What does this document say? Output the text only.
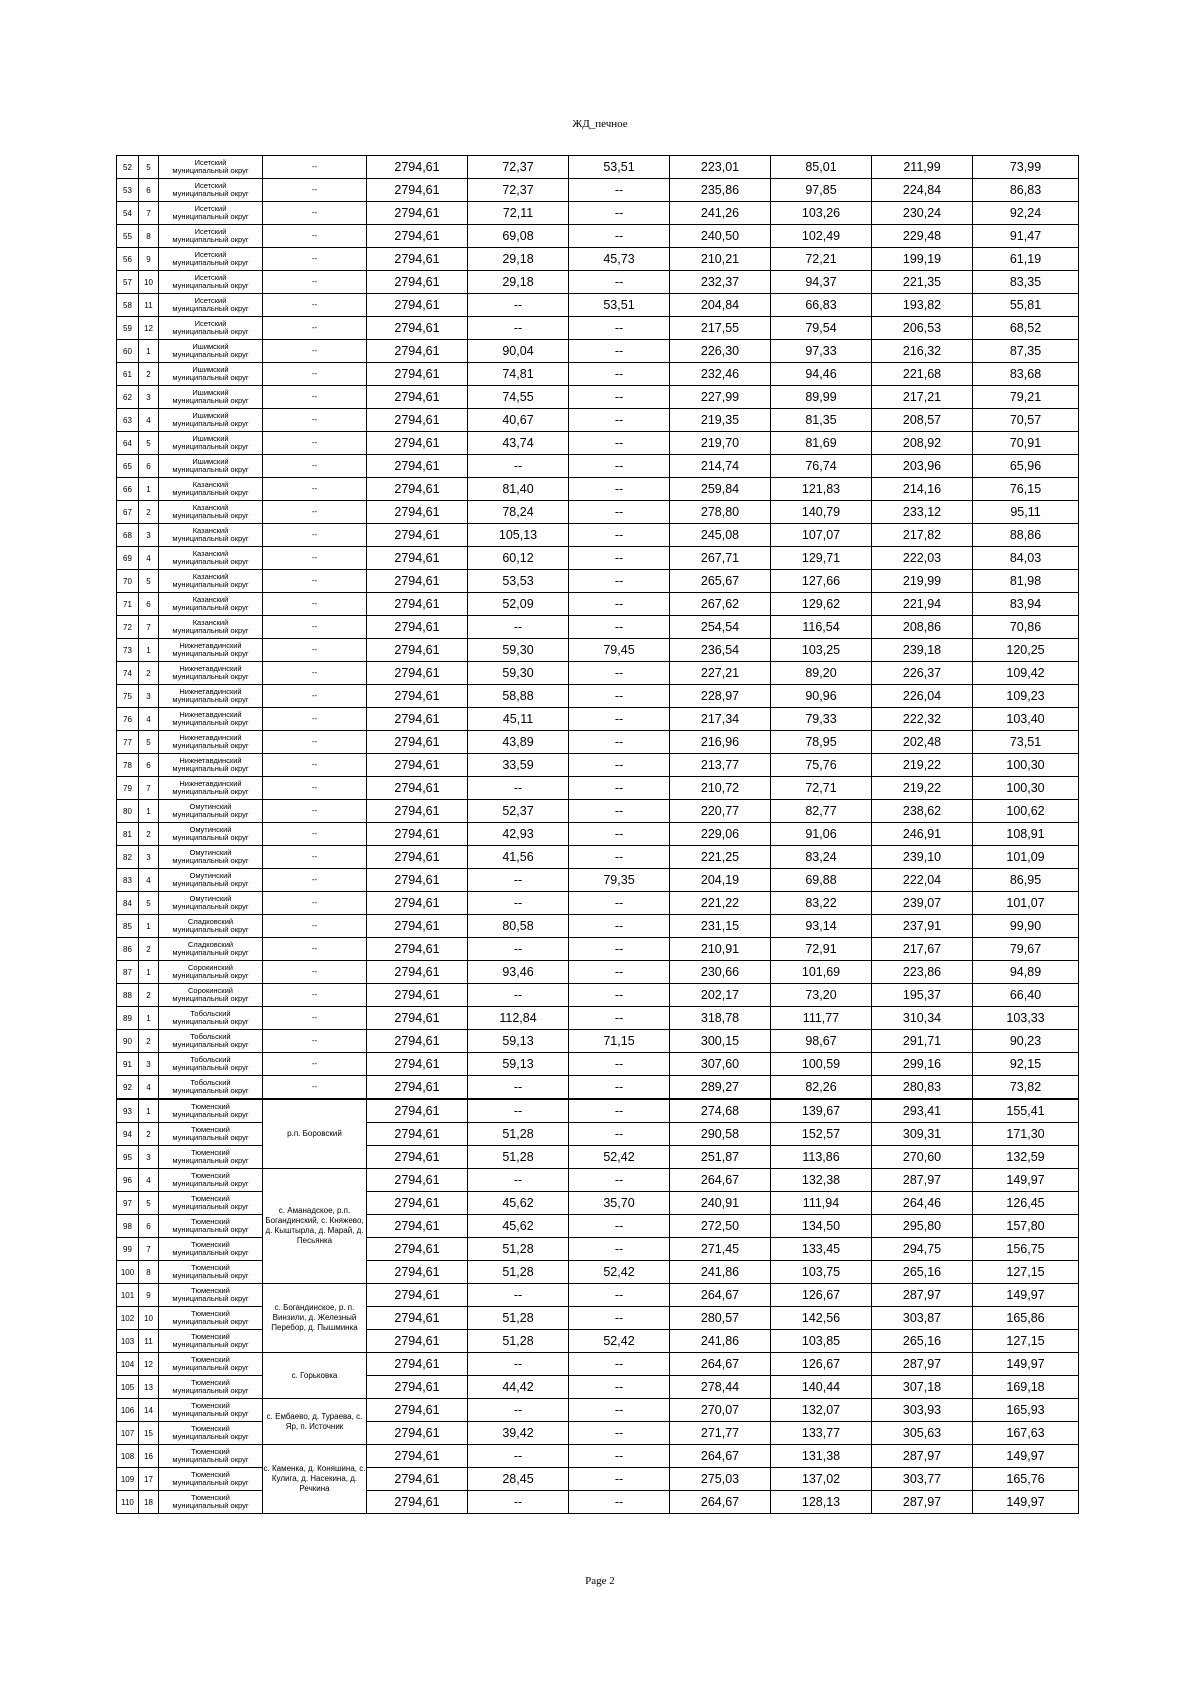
ЖД_печное
52	5	Исетский
муниципальный округ	--	2794,61	72,37	53,51	223,01	85,01	211,99	73,99
53	6	Исетский
муниципальный округ	--	2794,61	72,37	--	235,86	97,85	224,84	86,83
54	7	Исетский
муниципальный округ	--	2794,61	72,11	--	241,26	103,26	230,24	92,24
55	8	Исетский
муниципальный округ	--	2794,61	69,08	--	240,50	102,49	229,48	91,47
56	9	Исетский
муниципальный округ	--	2794,61	29,18	45,73	210,21	72,21	199,19	61,19
57	10	Исетский
муниципальный округ	--	2794,61	29,18	--	232,37	94,37	221,35	83,35
58	11	Исетский
муниципальный округ	--	2794,61	--	53,51	204,84	66,83	193,82	55,81
59	12	Исетский
муниципальный округ	--	2794,61	--	--	217,55	79,54	206,53	68,52
60	1	Ишимский
муниципальный округ	--	2794,61	90,04	--	226,30	97,33	216,32	87,35
61	2	Ишимский
муниципальный округ	--	2794,61	74,81	--	232,46	94,46	221,68	83,68
62	3	Ишимский
муниципальный округ	--	2794,61	74,55	--	227,99	89,99	217,21	79,21
63	4	Ишимский
муниципальный округ	--	2794,61	40,67	--	219,35	81,35	208,57	70,57
64	5	Ишимский
муниципальный округ	--	2794,61	43,74	--	219,70	81,69	208,92	70,91
65	6	Ишимский
муниципальный округ	--	2794,61	--	--	214,74	76,74	203,96	65,96
66	1	Казанский
муниципальный округ	--	2794,61	81,40	--	259,84	121,83	214,16	76,15
67	2	Казанский
муниципальный округ	--	2794,61	78,24	--	278,80	140,79	233,12	95,11
68	3	Казанский
муниципальный округ	--	2794,61	105,13	--	245,08	107,07	217,82	88,86
69	4	Казанский
муниципальный округ	--	2794,61	60,12	--	267,71	129,71	222,03	84,03
70	5	Казанский
муниципальный округ	--	2794,61	53,53	--	265,67	127,66	219,99	81,98
71	6	Казанский
муниципальный округ	--	2794,61	52,09	--	267,62	129,62	221,94	83,94
72	7	Казанский
муниципальный округ	--	2794,61	--	--	254,54	116,54	208,86	70,86
73	1	Нижнетавдинский
муниципальный округ	--	2794,61	59,30	79,45	236,54	103,25	239,18	120,25
74	2	Нижнетавдинский
муниципальный округ	--	2794,61	59,30	--	227,21	89,20	226,37	109,42
75	3	Нижнетавдинский
муниципальный округ	--	2794,61	58,88	--	228,97	90,96	226,04	109,23
76	4	Нижнетавдинский
муниципальный округ	--	2794,61	45,11	--	217,34	79,33	222,32	103,40
77	5	Нижнетавдинский
муниципальный округ	--	2794,61	43,89	--	216,96	78,95	202,48	73,51
78	6	Нижнетавдинский
муниципальный округ	--	2794,61	33,59	--	213,77	75,76	219,22	100,30
79	7	Нижнетавдинский
муниципальный округ	--	2794,61	--	--	210,72	72,71	219,22	100,30
80	1	Омутинский
муниципальный округ	--	2794,61	52,37	--	220,77	82,77	238,62	100,62
81	2	Омутинский
муниципальный округ	--	2794,61	42,93	--	229,06	91,06	246,91	108,91
82	3	Омутинский
муниципальный округ	--	2794,61	41,56	--	221,25	83,24	239,10	101,09
83	4	Омутинский
муниципальный округ	--	2794,61	--	79,35	204,19	69,88	222,04	86,95
84	5	Омутинский
муниципальный округ	--	2794,61	--	--	221,22	83,22	239,07	101,07
85	1	Сладковский
муниципальный округ	--	2794,61	80,58	--	231,15	93,14	237,91	99,90
86	2	Сладковский
муниципальный округ	--	2794,61	--	--	210,91	72,91	217,67	79,67
87	1	Сорокинский
муниципальный округ	--	2794,61	93,46	--	230,66	101,69	223,86	94,89
88	2	Сорокинский
муниципальный округ	--	2794,61	--	--	202,17	73,20	195,37	66,40
89	1	Тобольский
муниципальный округ	--	2794,61	112,84	--	318,78	111,77	310,34	103,33
90	2	Тобольский
муниципальный округ	--	2794,61	59,13	71,15	300,15	98,67	291,71	90,23
91	3	Тобольский
муниципальный округ	--	2794,61	59,13	--	307,60	100,59	299,16	92,15
92	4	Тобольский
муниципальный округ	--	2794,61	--	--	289,27	82,26	280,83	73,82
93	1	Тюменский
муниципальный округ	р.п. Боровский	2794,61	--	--	274,68	139,67	293,41	155,41
94	2	Тюменский
муниципальный округ		2794,61	51,28	--	290,58	152,57	309,31	171,30
95	3	Тюменский
муниципальный округ		2794,61	51,28	52,42	251,87	113,86	270,60	132,59
96	4	Тюменский
муниципальный округ	с. Аманадское, р.п. Богандинский, с. Княжево, д. Кыштырла, д. Марай, д. Песьянка	2794,61	--	--	264,67	132,38	287,97	149,97
97	5	Тюменский
муниципальный округ		2794,61	45,62	35,70	240,91	111,94	264,46	126,45
98	6	Тюменский
муниципальный округ		2794,61	45,62	--	272,50	134,50	295,80	157,80
99	7	Тюменский
муниципальный округ		2794,61	51,28	--	271,45	133,45	294,75	156,75
100	8	Тюменский
муниципальный округ		2794,61	51,28	52,42	241,86	103,75	265,16	127,15
101	9	Тюменский
муниципальный округ	с. Богандинское, р. п. Винзили, д. Железный Перебор, д. Пышминка	2794,61	--	--	264,67	126,67	287,97	149,97
102	10	Тюменский
муниципальный округ		2794,61	51,28	--	280,57	142,56	303,87	165,86
103	11	Тюменский
муниципальный округ		2794,61	51,28	52,42	241,86	103,85	265,16	127,15
104	12	Тюменский
муниципальный округ	с. Горьковка	2794,61	--	--	264,67	126,67	287,97	149,97
105	13	Тюменский
муниципальный округ		2794,61	44,42	--	278,44	140,44	307,18	169,18
106	14	Тюменский
муниципальный округ	с. Ембаево, д. Тураева, с. Яр, п. Источник	2794,61	--	--	270,07	132,07	303,93	165,93
107	15	Тюменский
муниципальный округ		2794,61	39,42	--	271,77	133,77	305,63	167,63
108	16	Тюменский
муниципальный округ	с. Каменка, д. Коняшина, с. Кулига, д. Насекина, д. Речкина	2794,61	--	--	264,67	131,38	287,97	149,97
109	17	Тюменский
муниципальный округ		2794,61	28,45	--	275,03	137,02	303,77	165,76
110	18	Тюменский
муниципальный округ		2794,61	--	--	264,67	128,13	287,97	149,97
Page 2
